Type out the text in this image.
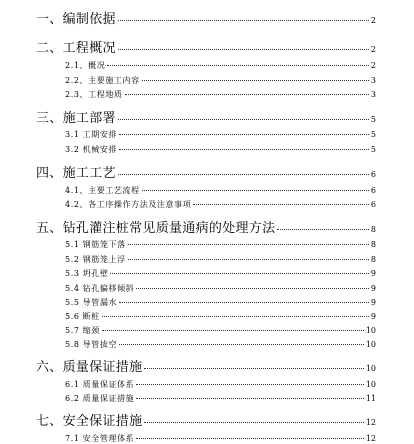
一、编制依据	2
二、工程概况	2
2.1、概况	2
2.2、主要施工内容	3
2.3、工程地质	3
三、施工部署	5
3.1 工期安排	5
3.2 机械安排	5
四、施工工艺	6
4.1、主要工艺流程	6
4.2、各工序操作方法及注意事项	6
五、钻孔灌注桩常见质量通病的处理方法	8
5.1 钢筋笼下落	8
5.2 钢筋笼上浮	8
5.3 坍孔壁	9
5.4 钻孔偏移倾斜	9
5.5 导管漏水	9
5.6 断桩	9
5.7 缩颈	10
5.8 导管拔空	10
六、质量保证措施	10
6.1 质量保证体系	10
6.2 质量保证措施	11
七、安全保证措施	12
7.1 安全管理体系	12
